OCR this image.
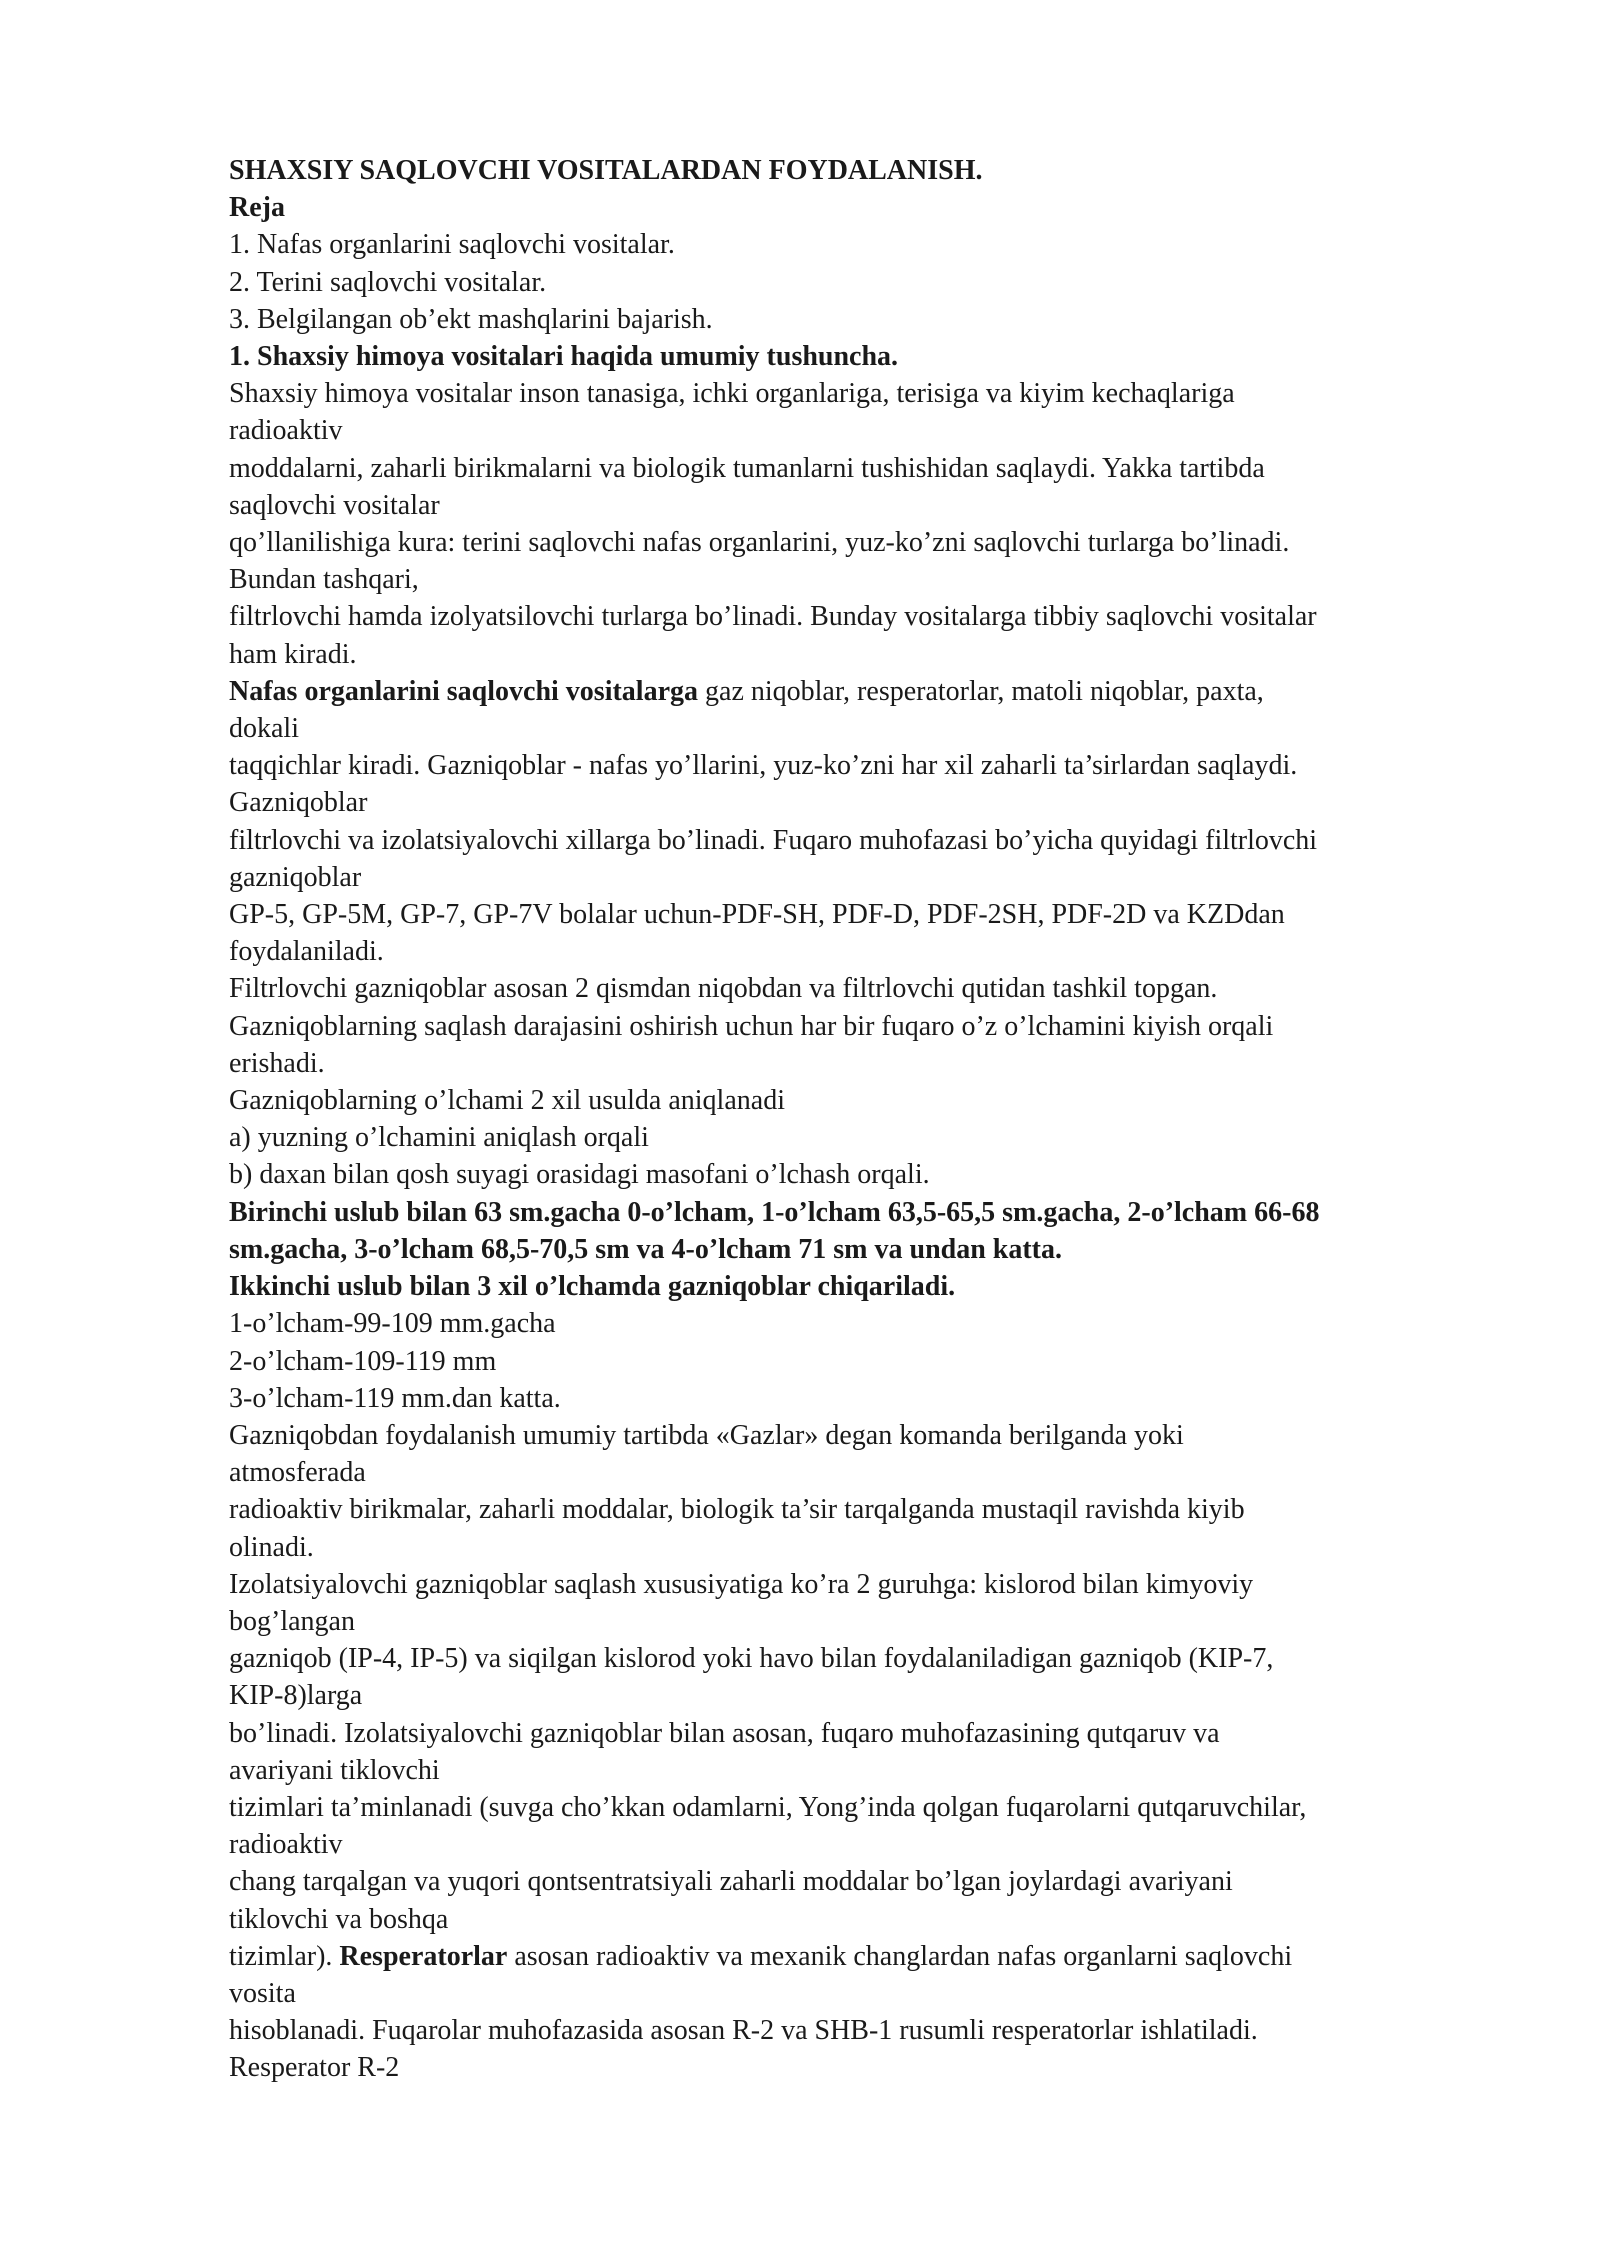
SHAXSIY SAQLOVCHI VOSITALARDAN FOYDALANISH.
Reja
1. Nafas organlarini saqlovchi vositalar.
2. Terini saqlovchi vositalar.
3. Belgilangan ob’ekt mashqlarini bajarish.
1. Shaxsiy himoya vositalari haqida umumiy tushuncha.
Shaxsiy himoya vositalar inson tanasiga, ichki organlariga, terisiga va kiyim kechaqlariga
radioaktiv
moddalarni, zaharli birikmalarni va biologik tumanlarni tushishidan saqlaydi. Yakka tartibda
saqlovchi vositalar
qo’llanilishiga kura: terini saqlovchi nafas organlarini, yuz-ko’zni saqlovchi turlarga bo’linadi.
Bundan tashqari,
filtrlovchi hamda izolyatsilovchi turlarga bo’linadi. Bunday vositalarga tibbiy saqlovchi vositalar
ham kiradi.
Nafas organlarini saqlovchi vositalarga gaz niqoblar, resperatorlar, matoli niqoblar, paxta,
dokali
taqqichlar kiradi. Gazniqoblar - nafas yo’llarini, yuz-ko’zni har xil zaharli ta’sirlardan saqlaydi.
Gazniqoblar
filtrlovchi va izolatsiyalovchi xillarga bo’linadi. Fuqaro muhofazasi bo’yicha quyidagi filtrlovchi
gazniqoblar
GP-5, GP-5M, GP-7, GP-7V bolalar uchun-PDF-SH, PDF-D, PDF-2SH, PDF-2D va KZDdan
foydalaniladi.
Filtrlovchi gazniqoblar asosan 2 qismdan niqobdan va filtrlovchi qutidan tashkil topgan.
Gazniqoblarning saqlash darajasini oshirish uchun har bir fuqaro o’z o’lchamini kiyish orqali
erishadi.
Gazniqoblarning o’lchami 2 xil usulda aniqlanadi
a) yuzning o’lchamini aniqlash orqali
b) daxan bilan qosh suyagi orasidagi masofani o’lchash orqali.
Birinchi uslub bilan 63 sm.gacha 0-o’lcham, 1-o’lcham 63,5-65,5 sm.gacha, 2-o’lcham 66-68
sm.gacha, 3-o’lcham 68,5-70,5 sm va 4-o’lcham 71 sm va undan katta.
Ikkinchi uslub bilan 3 xil o’lchamda gazniqoblar chiqariladi.
1-o’lcham-99-109 mm.gacha
2-o’lcham-109-119 mm
3-o’lcham-119 mm.dan katta.
Gazniqobdan foydalanish umumiy tartibda «Gazlar» degan komanda berilganda yoki
atmosferada
radioaktiv birikmalar, zaharli moddalar, biologik ta’sir tarqalganda mustaqil ravishda kiyib
olinadi.
Izolatsiyalovchi gazniqoblar saqlash xususiyatiga ko’ra 2 guruhga: kislorod bilan kimyoviy
bog’langan
gazniqob (IP-4, IP-5) va siqilgan kislorod yoki havo bilan foydalaniladigan gazniqob (KIP-7,
KIP-8)larga
bo’linadi. Izolatsiyalovchi gazniqoblar bilan asosan, fuqaro muhofazasining qutqaruv va
avariyani tiklovchi
tizimlari ta’minlanadi (suvga cho’kkan odamlarni, Yong’inda qolgan fuqarolarni qutqaruvchilar,
radioaktiv
chang tarqalgan va yuqori qontsentratsiyali zaharli moddalar bo’lgan joylardagi avariyani
tiklovchi va boshqa
tizimlar). Resperatorlar asosan radioaktiv va mexanik changlardan nafas organlarni saqlovchi
vosita
hisoblanadi. Fuqarolar muhofazasida asosan R-2 va SHB-1 rusumli resperatorlar ishlatiladi.
Resperator R-2
